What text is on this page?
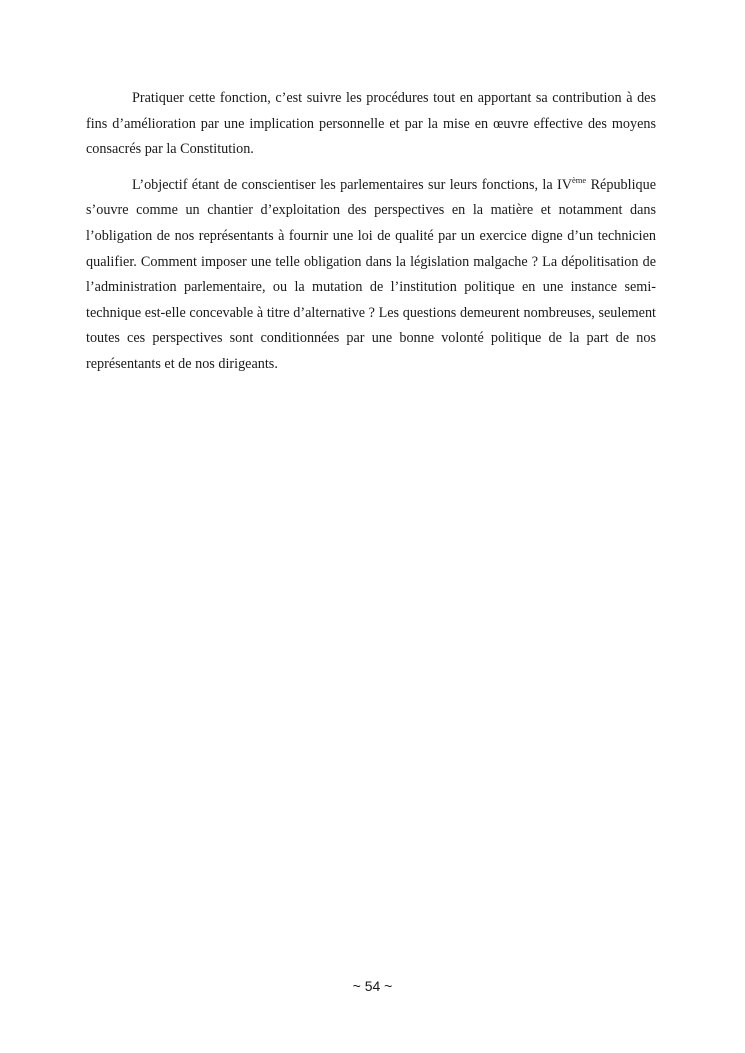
Pratiquer cette fonction, c’est suivre les procédures tout en apportant sa contribution à des fins d’amélioration par une implication personnelle et par la mise en œuvre effective des moyens consacrés par la Constitution.

L’objectif étant de conscientiser les parlementaires sur leurs fonctions, la IVème République s’ouvre comme un chantier d’exploitation des perspectives en la matière et notamment dans l’obligation de nos représentants à fournir une loi de qualité par un exercice digne d’un technicien qualifier. Comment imposer une telle obligation dans la législation malgache ? La dépolitisation de l’administration parlementaire, ou la mutation de l’institution politique en une instance semi-technique est-elle concevable à titre d’alternative ? Les questions demeurent nombreuses, seulement toutes ces perspectives sont conditionnées par une bonne volonté politique de la part de nos représentants et de nos dirigeants.

~ 54 ~
